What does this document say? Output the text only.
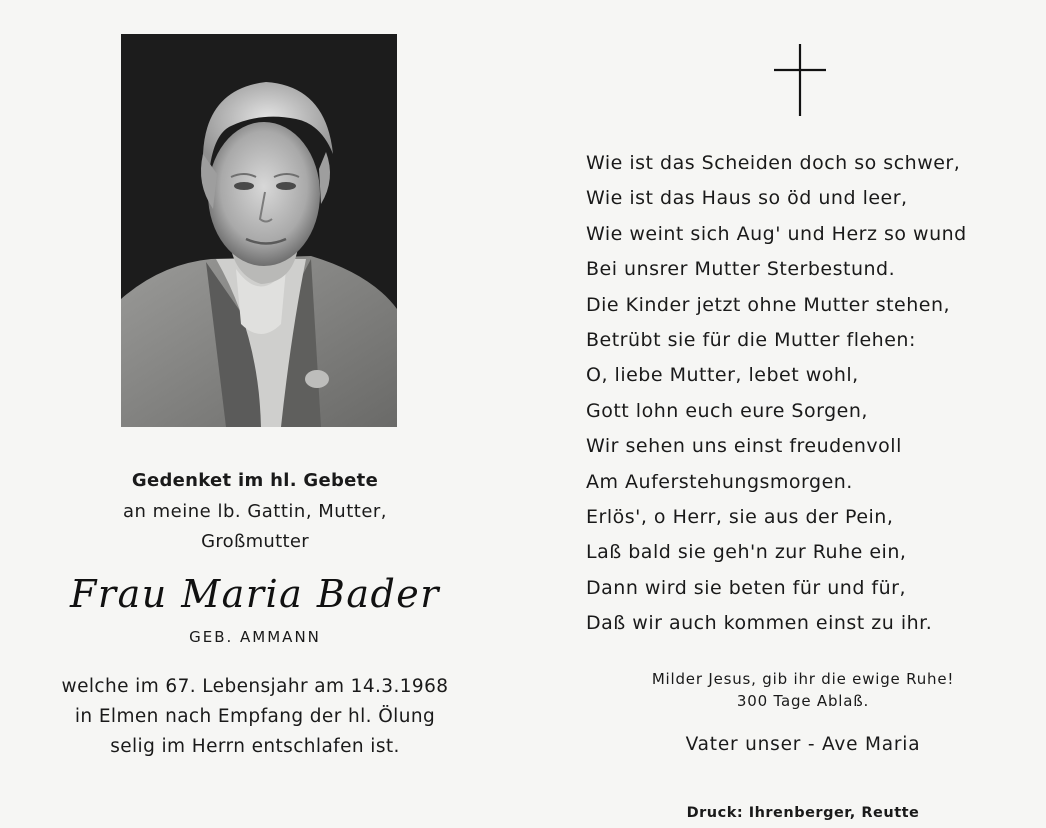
Gedenket im hl. Gebete
an meine lb. Gattin, Mutter,
Großmutter
Frau Maria Bader
GEB. AMMANN
welche im 67. Lebensjahr am 14.3.1968
in Elmen nach Empfang der hl. Ölung
selig im Herrn entschlafen ist.
Wie ist das Scheiden doch so schwer,
Wie ist das Haus so öd und leer,
Wie weint sich Aug' und Herz so wund
Bei unsrer Mutter Sterbestund.
Die Kinder jetzt ohne Mutter stehen,
Betrübt sie für die Mutter flehen:
O, liebe Mutter, lebet wohl,
Gott lohn euch eure Sorgen,
Wir sehen uns einst freudenvoll
Am Auferstehungsmorgen.
Erlös', o Herr, sie aus der Pein,
Laß bald sie geh'n zur Ruhe ein,
Dann wird sie beten für und für,
Daß wir auch kommen einst zu ihr.
Milder Jesus, gib ihr die ewige Ruhe!
300 Tage Ablaß.
Vater unser - Ave Maria
Druck: Ihrenberger, Reutte
